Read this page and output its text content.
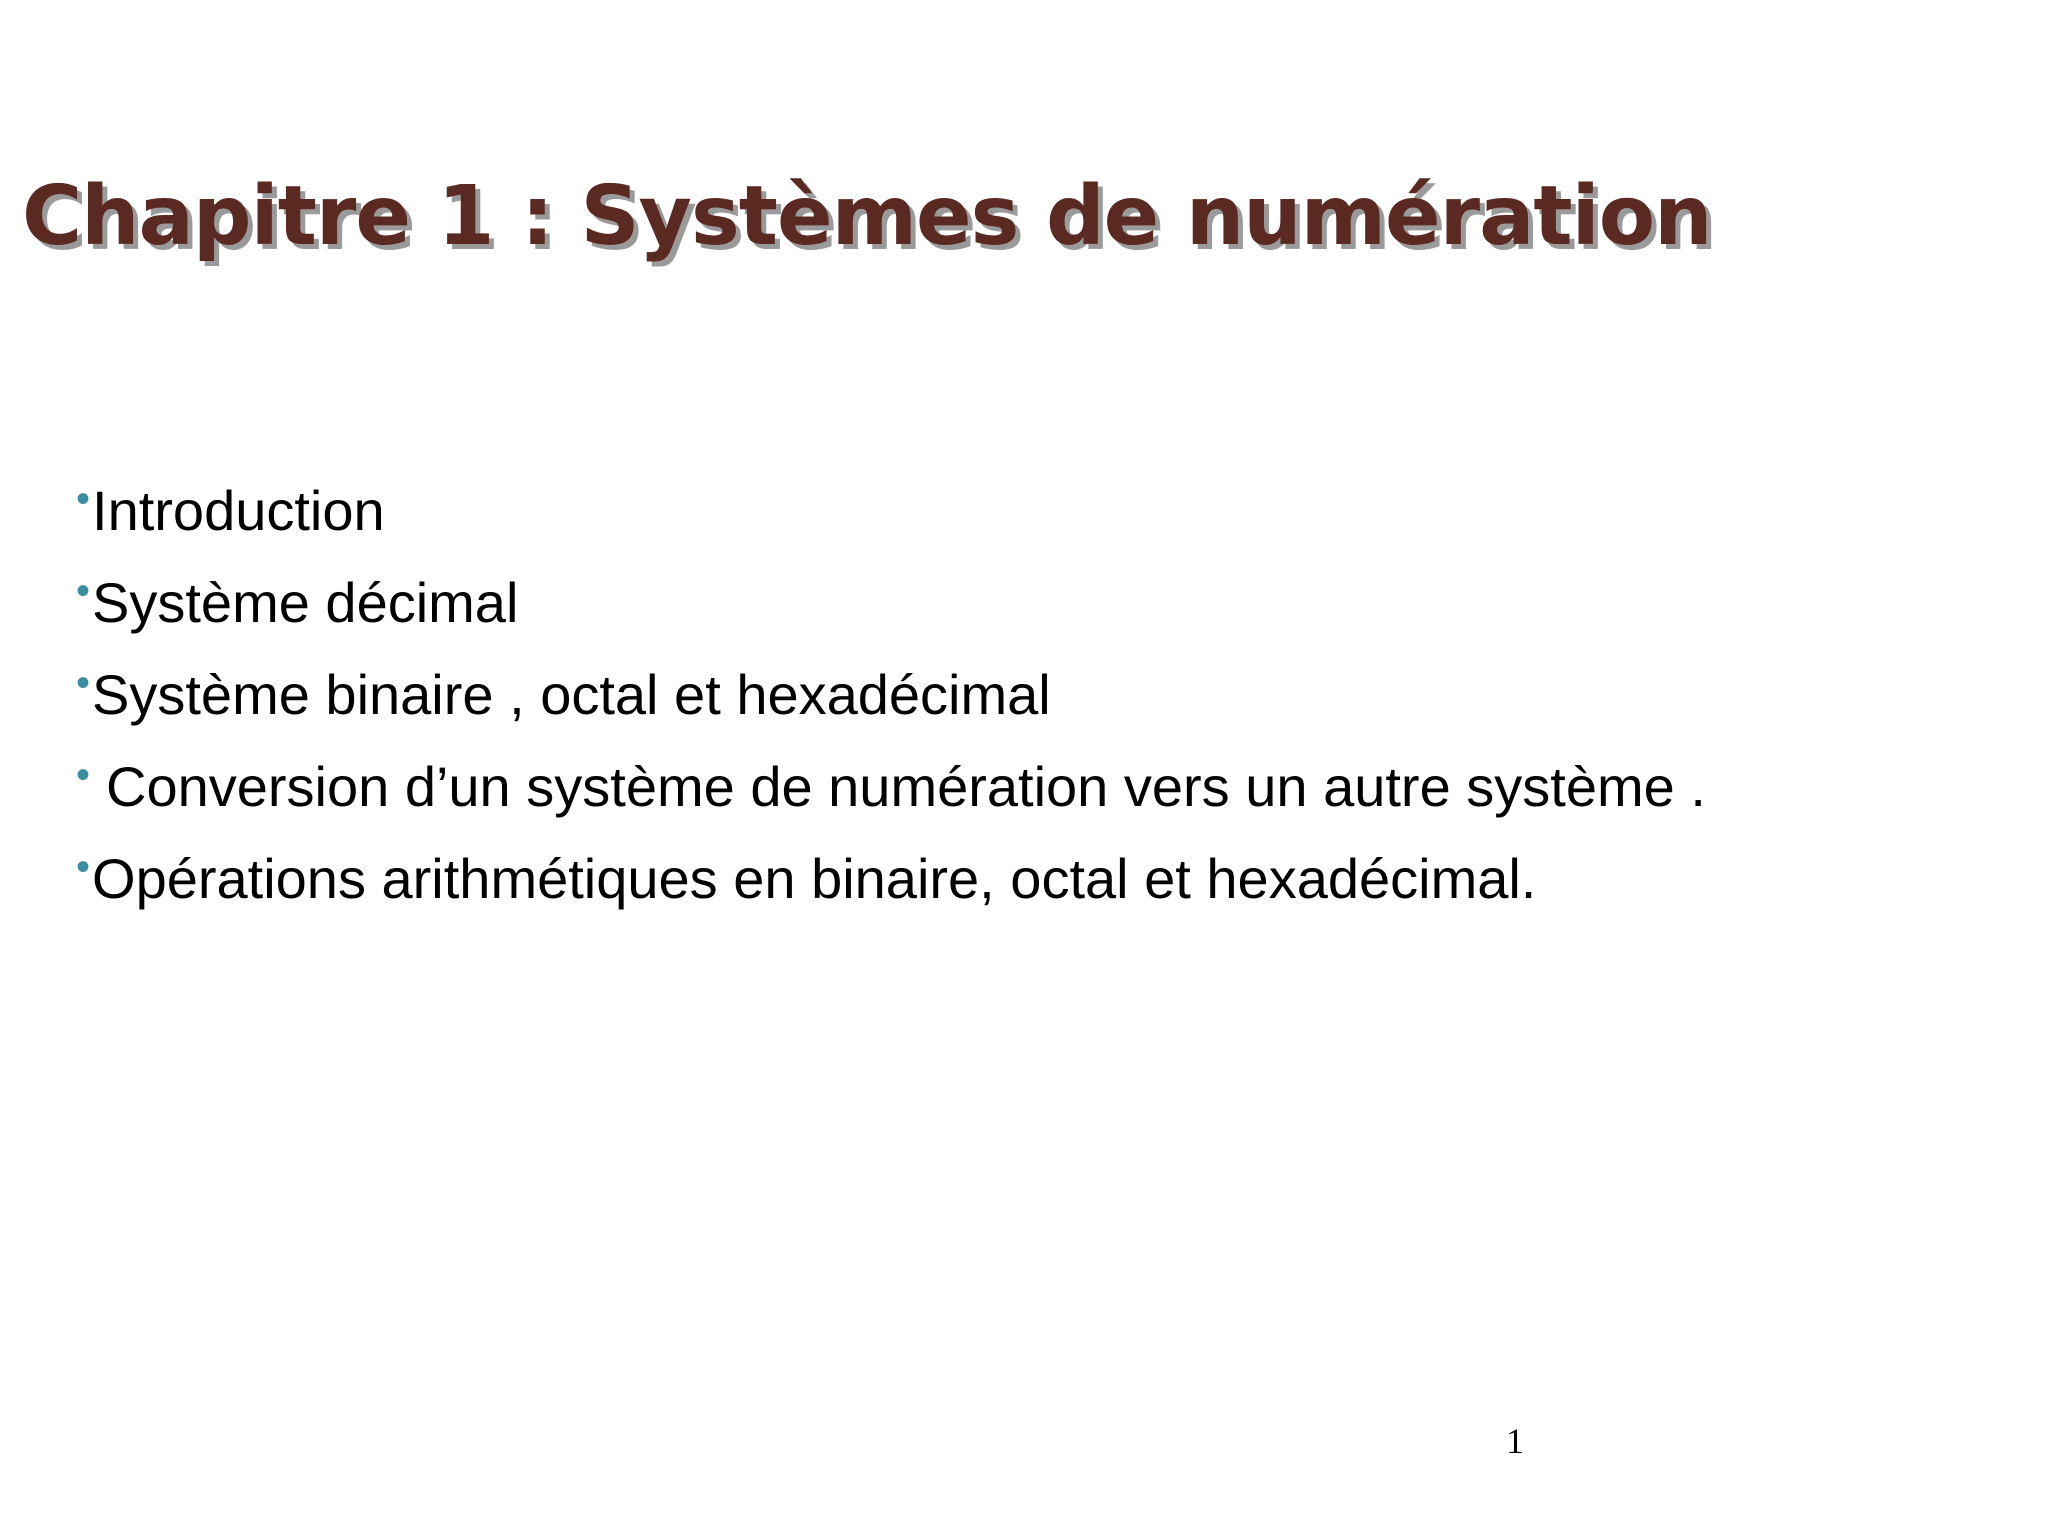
Chapitre 1 : Systèmes de numération
•Introduction
•Système décimal
•Système binaire , octal et hexadécimal
• Conversion d’un système de numération vers un autre système .
•Opérations arithmétiques en binaire, octal et hexadécimal.
1
